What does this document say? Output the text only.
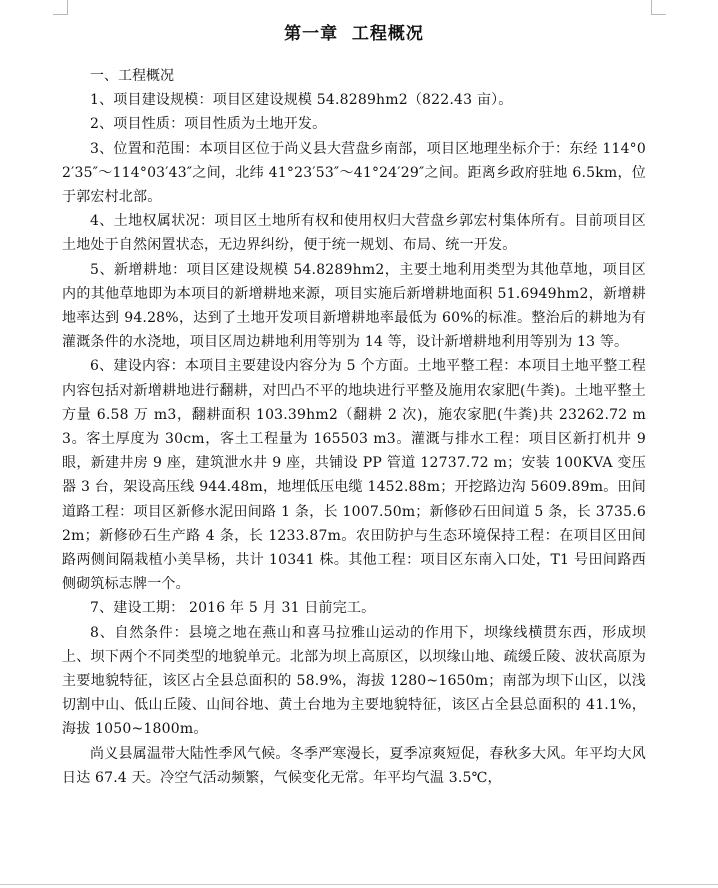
第一章  工程概况

一、工程概况

1、项目建设规模：项目区建设规模 54.8289hm2（822.43 亩）。

2、项目性质：项目性质为土地开发。

3、位置和范围：本项目区位于尚义县大营盘乡南部，项目区地理坐标介于：东经 114°02′35″～114°03′43″之间，北纬 41°23′53″～41°24′29″之间。距离乡政府驻地 6.5km，位于郭宏村北部。

4、土地权属状况：项目区土地所有权和使用权归大营盘乡郭宏村集体所有。目前项目区土地处于自然闲置状态，无边界纠纷，便于统一规划、布局、统一开发。

5、新增耕地：项目区建设规模 54.8289hm2，主要土地利用类型为其他草地，项目区内的其他草地即为本项目的新增耕地来源，项目实施后新增耕地面积 51.6949hm2，新增耕地率达到 94.28%，达到了土地开发项目新增耕地率最低为 60%的标准。整治后的耕地为有灌溉条件的水浇地，项目区周边耕地利用等别为 14 等，设计新增耕地利用等别为 13 等。

6、建设内容：本项目主要建设内容分为 5 个方面。土地平整工程：本项目土地平整工程内容包括对新增耕地进行翻耕，对凹凸不平的地块进行平整及施用农家肥(牛粪)。土地平整土方量 6.58 万 m3，翻耕面积 103.39hm2（翻耕 2 次)，施农家肥(牛粪)共 23262.72 m3。客土厚度为 30cm，客土工程量为 165503 m3。灌溉与排水工程：项目区新打机井 9 眼，新建井房 9 座，建筑泄水井 9 座，共铺设 PP 管道 12737.72 m；安装 100KVA 变压器 3 台，架设高压线 944.48m，地埋低压电缆 1452.88m；开挖路边沟 5609.89m。田间道路工程：项目区新修水泥田间路 1 条，长 1007.50m；新修砂石田间道 5 条，长 3735.62m；新修砂石生产路 4 条，长 1233.87m。农田防护与生态环境保持工程：在项目区田间路两侧间隔栽植小美旱杨，共计 10341 株。其他工程：项目区东南入口处，T1 号田间路西侧砌筑标志牌一个。

7、建设工期： 2016 年 5 月 31 日前完工。

8、自然条件：县境之地在燕山和喜马拉雅山运动的作用下，坝缘线横贯东西，形成坝上、坝下两个不同类型的地貌单元。北部为坝上高原区，以坝缘山地、疏缓丘陵、波状高原为主要地貌特征，该区占全县总面积的 58.9%，海拔 1280~1650m；南部为坝下山区，以浅切割中山、低山丘陵、山间谷地、黄土台地为主要地貌特征，该区占全县总面积的 41.1%，海拔 1050~1800m。

尚义县属温带大陆性季风气候。冬季严寒漫长，夏季凉爽短促，春秋多大风。年平均大风日达 67.4 天。冷空气活动频繁，气候变化无常。年平均气温 3.5℃，
